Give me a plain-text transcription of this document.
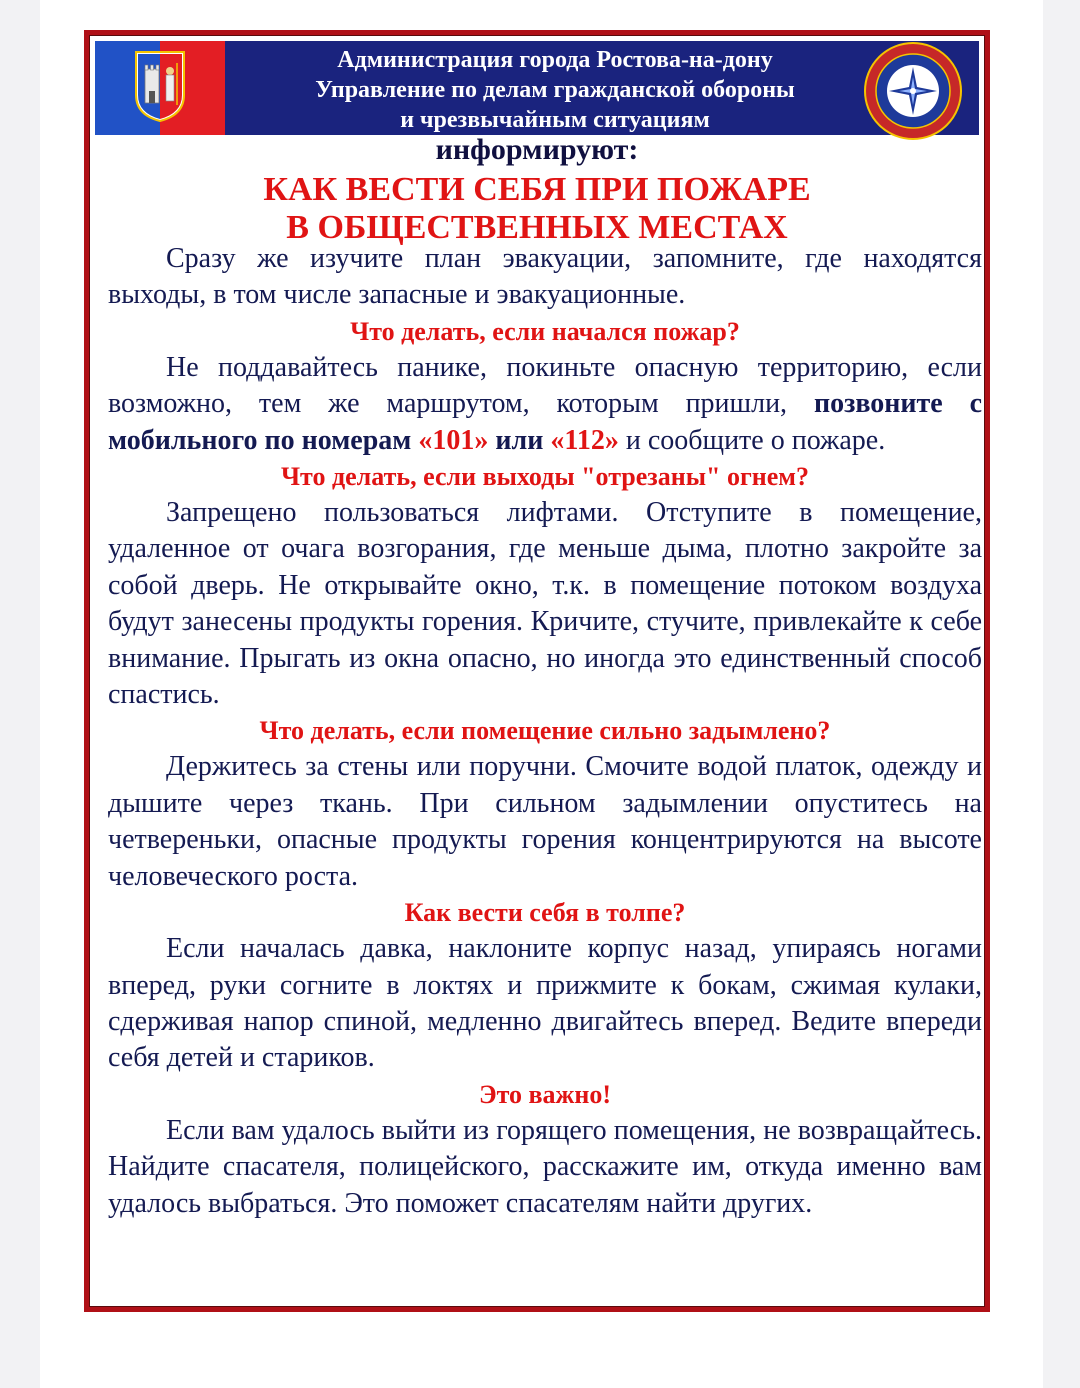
Администрация города Ростова-на-дону
Управление по делам гражданской обороны
и чрезвычайным ситуациям
информируют:
КАК ВЕСТИ СЕБЯ ПРИ ПОЖАРЕ
В ОБЩЕСТВЕННЫХ МЕСТАХ

Сразу же изучите план эвакуации, запомните, где находятся выходы, в том числе запасные и эвакуационные.

Что делать, если начался пожар?

Не поддавайтесь панике, покиньте опасную территорию, если возможно, тем же маршрутом, которым пришли, позвоните с мобильного по номерам «101» или «112» и сообщите о пожаре.

Что делать, если выходы "отрезаны" огнем?

Запрещено пользоваться лифтами. Отступите в помещение, удаленное от очага возгорания, где меньше дыма, плотно закройте за собой дверь. Не открывайте окно, т.к. в помещение потоком воздуха будут занесены продукты горения. Кричите, стучите, привлекайте к себе внимание. Прыгать из окна опасно, но иногда это единственный способ спастись.

Что делать, если помещение сильно задымлено?

Держитесь за стены или поручни. Смочите водой платок, одежду и дышите через ткань. При сильном задымлении опуститесь на четвереньки, опасные продукты горения концентрируются на высоте человеческого роста.

Как вести себя в толпе?

Если началась давка, наклоните корпус назад, упираясь ногами вперед, руки согните в локтях и прижмите к бокам, сжимая кулаки, сдерживая напор спиной, медленно двигайтесь вперед. Ведите впереди себя детей и стариков.

Это важно!

Если вам удалось выйти из горящего помещения, не возвращайтесь. Найдите спасателя, полицейского, расскажите им, откуда именно вам удалось выбраться. Это поможет спасателям найти других.
